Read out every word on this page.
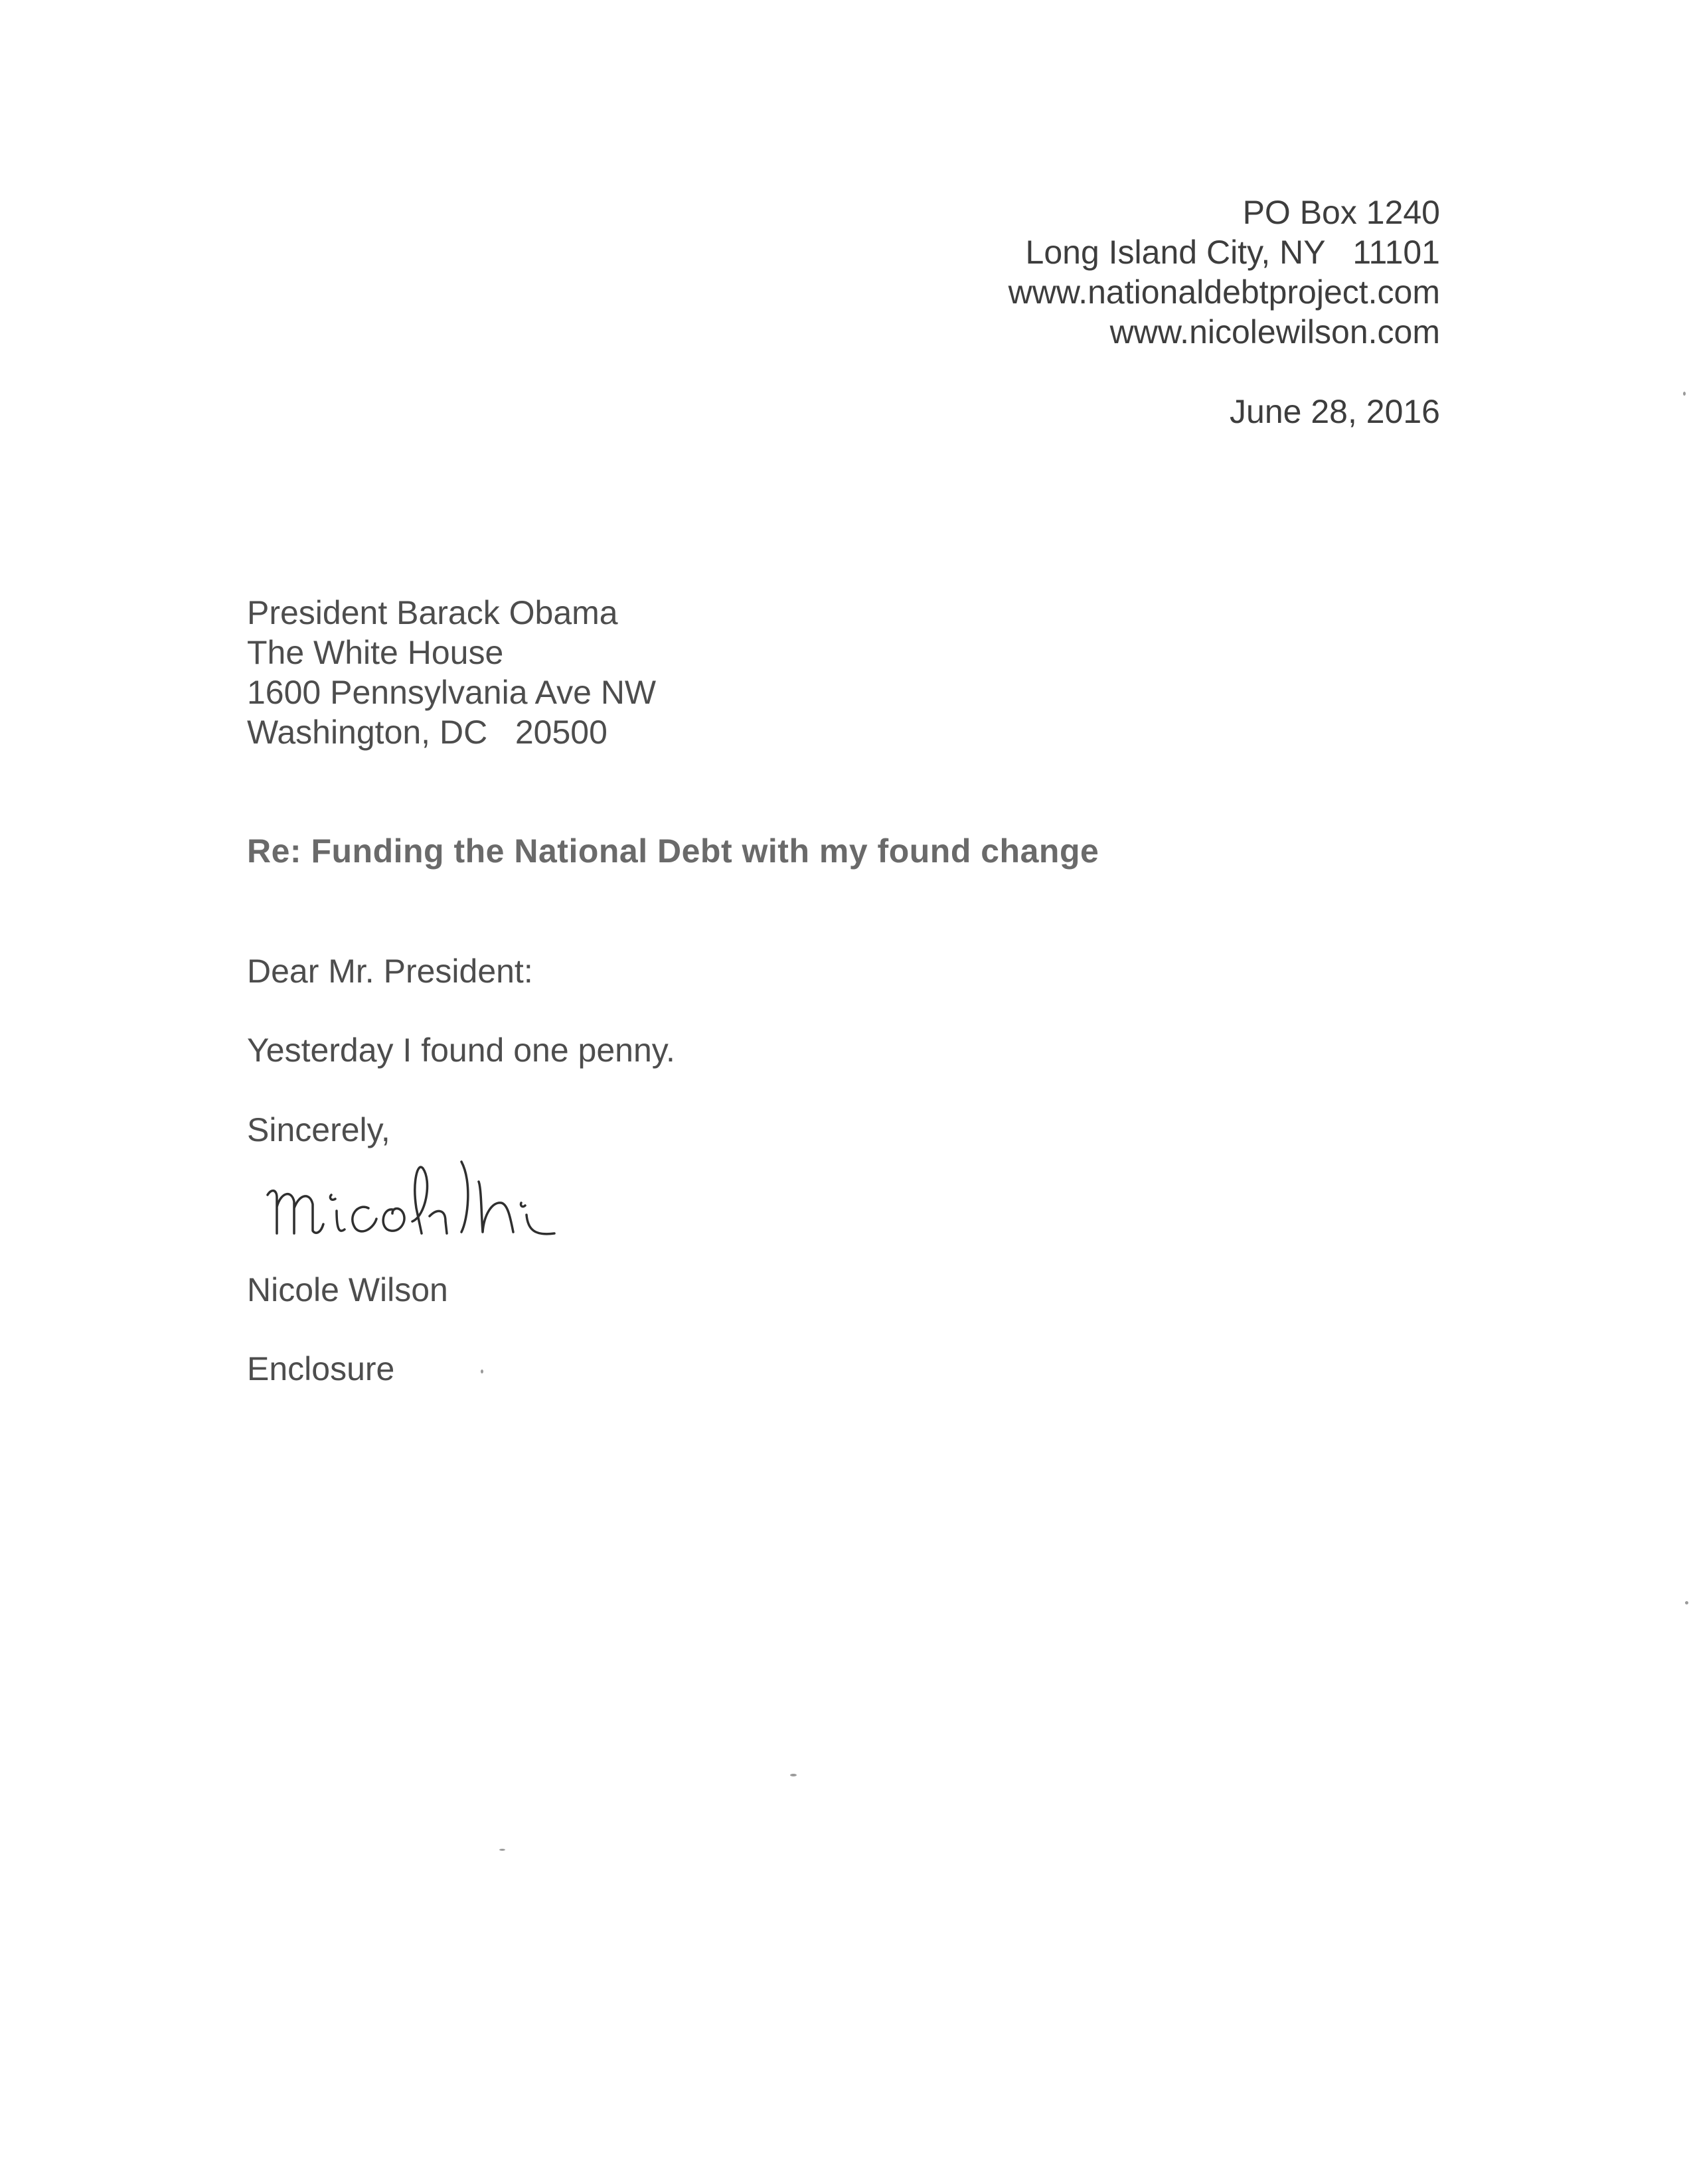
PO Box 1240
Long Island City, NY   11101
www.nationaldebtproject.com
www.nicolewilson.com
June 28, 2016
President Barack Obama
The White House
1600 Pennsylvania Ave NW
Washington, DC   20500
Re: Funding the National Debt with my found change
Dear Mr. President:
Yesterday I found one penny.
Sincerely,
Nicole Wilson
Enclosure
